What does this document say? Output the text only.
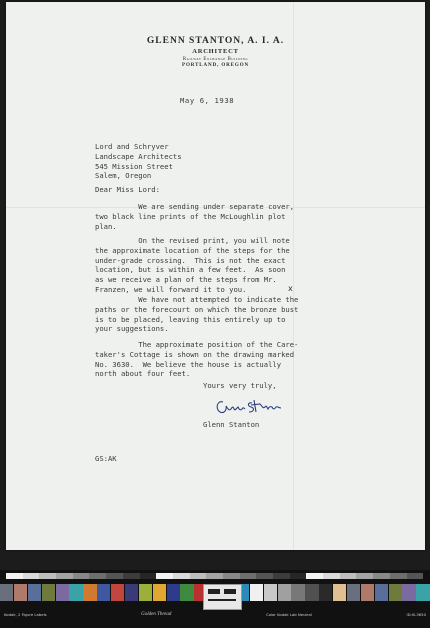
GLENN STANTON, A. I. A.
ARCHITECT
Railway Exchange Building
PORTLAND, OREGON
May 6, 1938
Lord and Schryver
Landscape Architects
545 Mission Street
Salem, Oregon
Dear Miss Lord:
We are sending under separate cover,
two black line prints of the McLoughlin plot
plan.
On the revised print, you will note
the approximate location of the steps for the
under-grade crossing.  This is not the exact
location, but is within a few feet.  As soon
as we receive a plan of the steps from Mr.
Franzen, we will forward it to you.
We have not attempted to indicate the
paths or the forecourt on which the bronze bust
is to be placed, leaving this entirely up to
your suggestions.
The approximate position of the Care-
taker's Cottage is shown on the drawing marked
No. 3630.  We believe the house is actually
north about four feet.
x
Yours very truly,
Glenn Stanton
GS:AK
Kodak, 2 Figure Labels	Golden Thread	Color Kodak Lab Neutral	ID:0L3650
